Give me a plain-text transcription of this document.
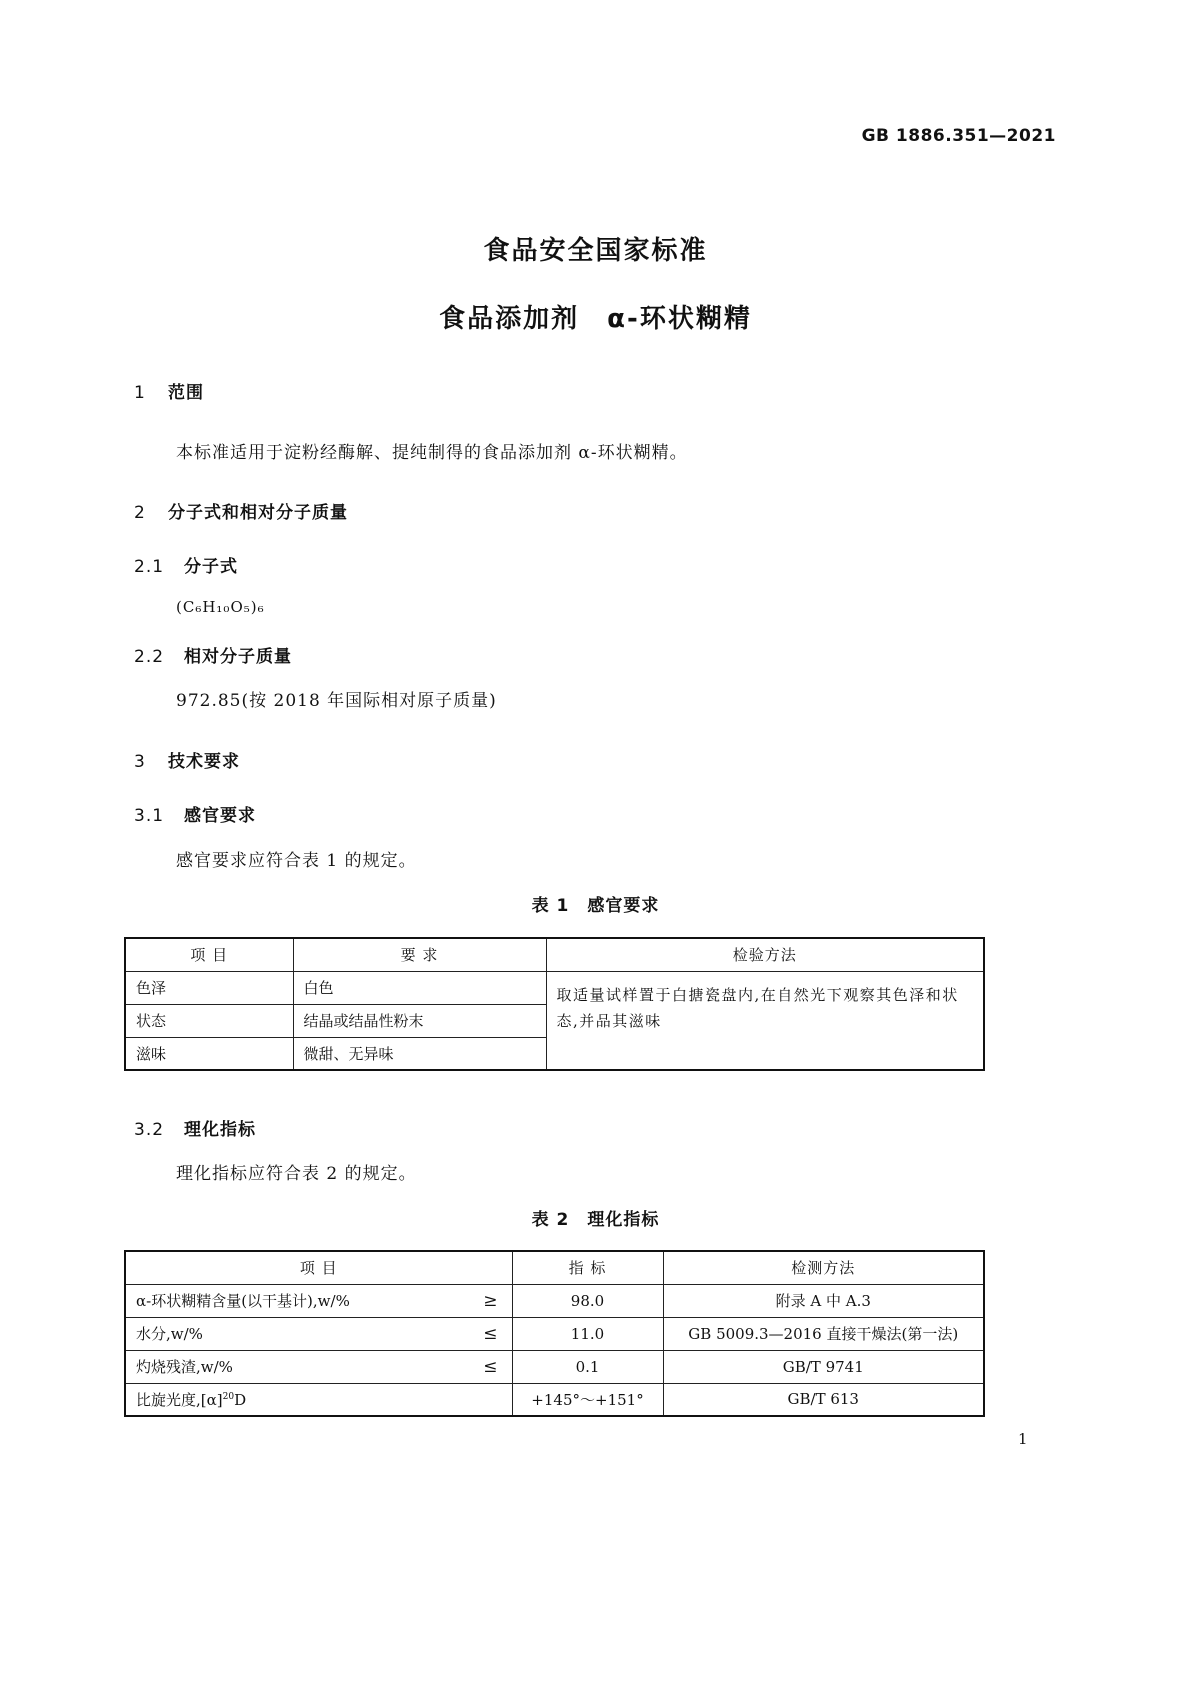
GB 1886.351—2021
食品安全国家标准
食品添加剂 α-环状糊精
1 范围
本标准适用于淀粉经酶解、提纯制得的食品添加剂 α-环状糊精。
2 分子式和相对分子质量
2.1 分子式
(C₆H₁₀O₅)₆
2.2 相对分子质量
972.85(按 2018 年国际相对原子质量)
3 技术要求
3.1 感官要求
感官要求应符合表 1 的规定。
表 1 感官要求
项 目	要 求	检验方法
色泽	白色	取适量试样置于白搪瓷盘内,在自然光下观察其色泽和状态,并品其滋味
状态	结晶或结晶性粉末	
滋味	微甜、无异味	
3.2 理化指标
理化指标应符合表 2 的规定。
表 2 理化指标
项 目	指 标	检测方法

α-环状糊精含量(以干基计),w/% ≥	98.0	附录 A 中 A.3

水分,w/% ≤	11.0	GB 5009.3—2016 直接干燥法(第一法)

灼烧残渣,w/% ≤	0.1	GB/T 9741

比旋光度$,[\alpha]^{20}D$	+145°～+151°	GB/T 613
1
